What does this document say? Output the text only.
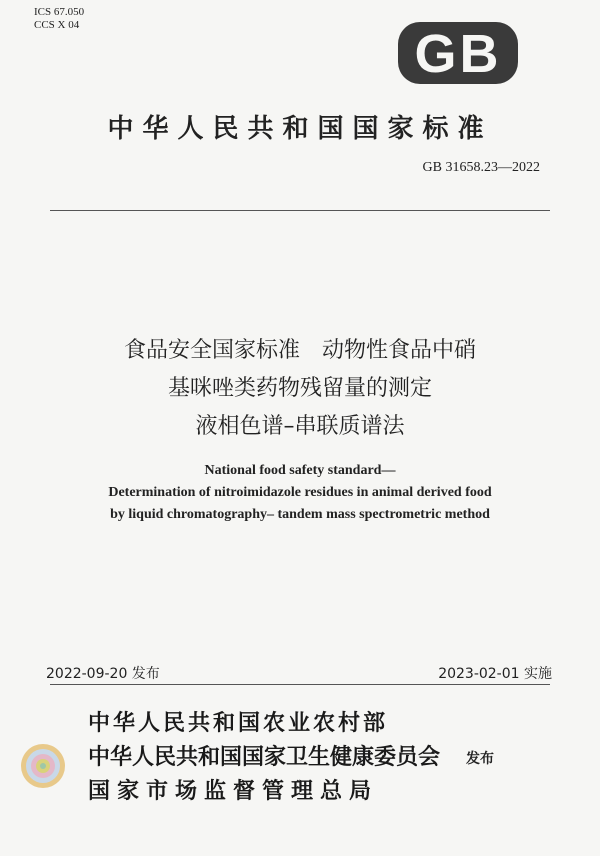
ICS 67.050
CCS X 04	GB
中华人民共和国国家标准
GB 31658.23—2022
食品安全国家标准　动物性食品中硝
基咪唑类药物残留量的测定
液相色谱–串联质谱法
National food safety standard—
Determination of nitroimidazole residues in animal derived food
by liquid chromatography– tandem mass spectrometric method
2022-09-20 发布	2023-02-01 实施
中华人民共和国农业农村部
中华人民共和国国家卫生健康委员会
国家市场监督管理总局
发布
